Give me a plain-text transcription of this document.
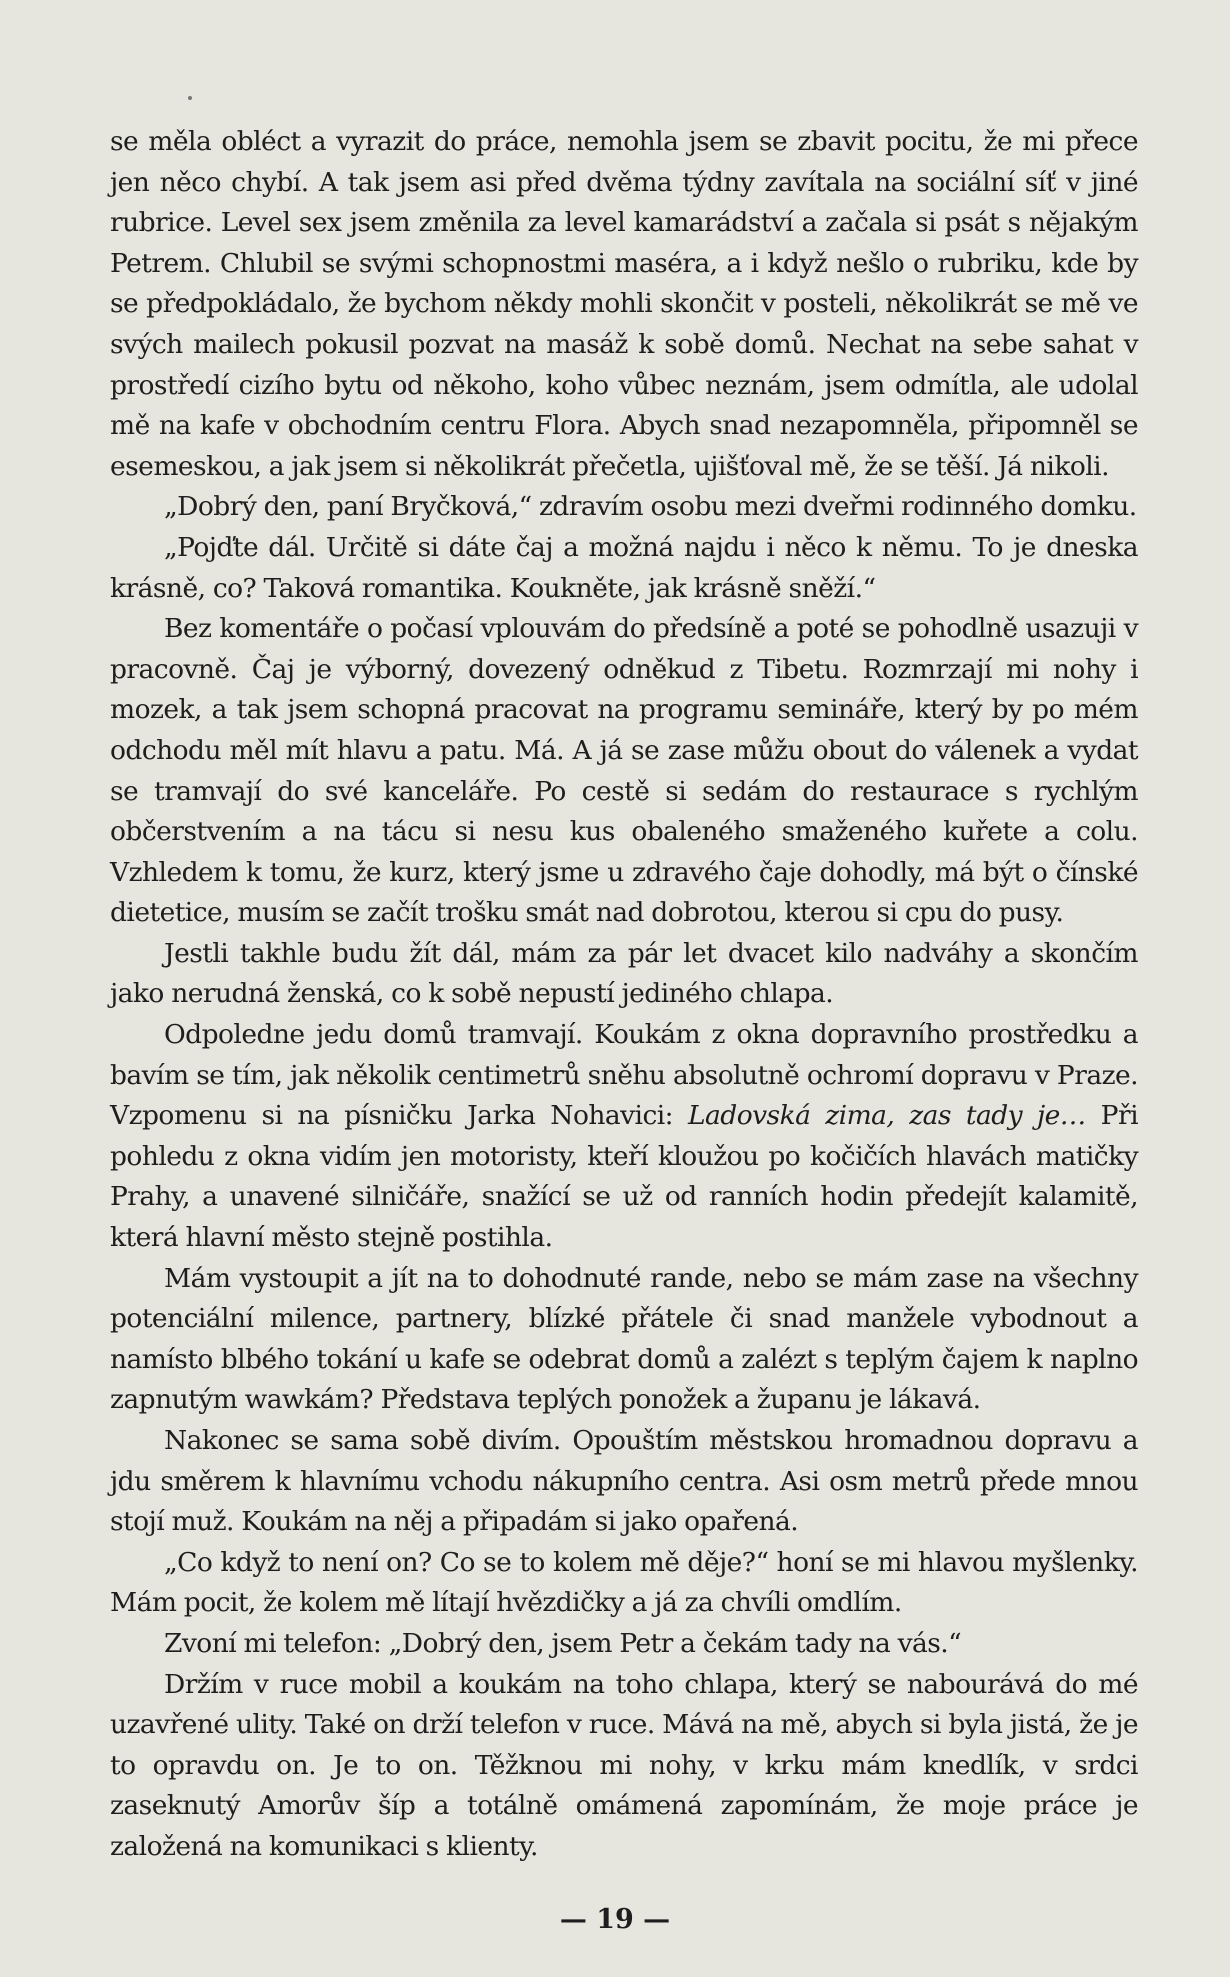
se měla obléct a vyrazit do práce, nemohla jsem se zbavit pocitu, že mi přece jen něco chybí. A tak jsem asi před dvěma týdny zavítala na sociální síť v jiné rubrice. Level sex jsem změnila za level kamarádství a začala si psát s nějakým Petrem. Chlubil se svými schopnostmi maséra, a i když nešlo o rubriku, kde by se předpokládalo, že bychom někdy mohli skončit v posteli, několikrát se mě ve svých mailech pokusil pozvat na masáž k sobě domů. Nechat na sebe sahat v prostředí cizího bytu od někoho, koho vůbec neznám, jsem odmítla, ale udolal mě na kafe v obchodním centru Flora. Abych snad nezapomněla, připomněl se esemeskou, a jak jsem si několikrát přečetla, ujišťoval mě, že se těší. Já nikoli.

„Dobrý den, paní Bryčková,“ zdravím osobu mezi dveřmi rodinného domku.

„Pojďte dál. Určitě si dáte čaj a možná najdu i něco k němu. To je dneska krásně, co? Taková romantika. Koukněte, jak krásně sněží.“

Bez komentáře o počasí vplouvám do předsíně a poté se pohodlně usazuji v pracovně. Čaj je výborný, dovezený odněkud z Tibetu. Rozmrzají mi nohy i mozek, a tak jsem schopná pracovat na programu semináře, který by po mém odchodu měl mít hlavu a patu. Má. A já se zase můžu obout do válenek a vydat se tramvají do své kanceláře. Po cestě si sedám do restaurace s rychlým občerstvením a na tácu si nesu kus obaleného smaženého kuřete a colu. Vzhledem k tomu, že kurz, který jsme u zdravého čaje dohodly, má být o čínské dietetice, musím se začít trošku smát nad dobrotou, kterou si cpu do pusy.

Jestli takhle budu žít dál, mám za pár let dvacet kilo nadváhy a skončím jako nerudná ženská, co k sobě nepustí jediného chlapa.

Odpoledne jedu domů tramvají. Koukám z okna dopravního prostředku a bavím se tím, jak několik centimetrů sněhu absolutně ochromí dopravu v Praze. Vzpomenu si na písničku Jarka Nohavici: Ladovská zima, zas tady je… Při pohledu z okna vidím jen motoristy, kteří kloužou po kočičích hlavách matičky Prahy, a unavené silničáře, snažící se už od ranních hodin předejít kalamitě, která hlavní město stejně postihla.

Mám vystoupit a jít na to dohodnuté rande, nebo se mám zase na všechny potenciální milence, partnery, blízké přátele či snad manžele vybodnout a namísto blbého tokání u kafe se odebrat domů a zalézt s teplým čajem k naplno zapnutým wawkám? Představa teplých ponožek a županu je lákavá.

Nakonec se sama sobě divím. Opouštím městskou hromadnou dopravu a jdu směrem k hlavnímu vchodu nákupního centra. Asi osm metrů přede mnou stojí muž. Koukám na něj a připadám si jako opařená.

„Co když to není on? Co se to kolem mě děje?“ honí se mi hlavou myšlenky. Mám pocit, že kolem mě lítají hvězdičky a já za chvíli omdlím.

Zvoní mi telefon: „Dobrý den, jsem Petr a čekám tady na vás.“

Držím v ruce mobil a koukám na toho chlapa, který se nabourává do mé uzavřené ulity. Také on drží telefon v ruce. Mává na mě, abych si byla jistá, že je to opravdu on. Je to on. Těžknou mi nohy, v krku mám knedlík, v srdci zaseknutý Amorův šíp a totálně omámená zapomínám, že moje práce je založená na komunikaci s klienty.

— 19 —
